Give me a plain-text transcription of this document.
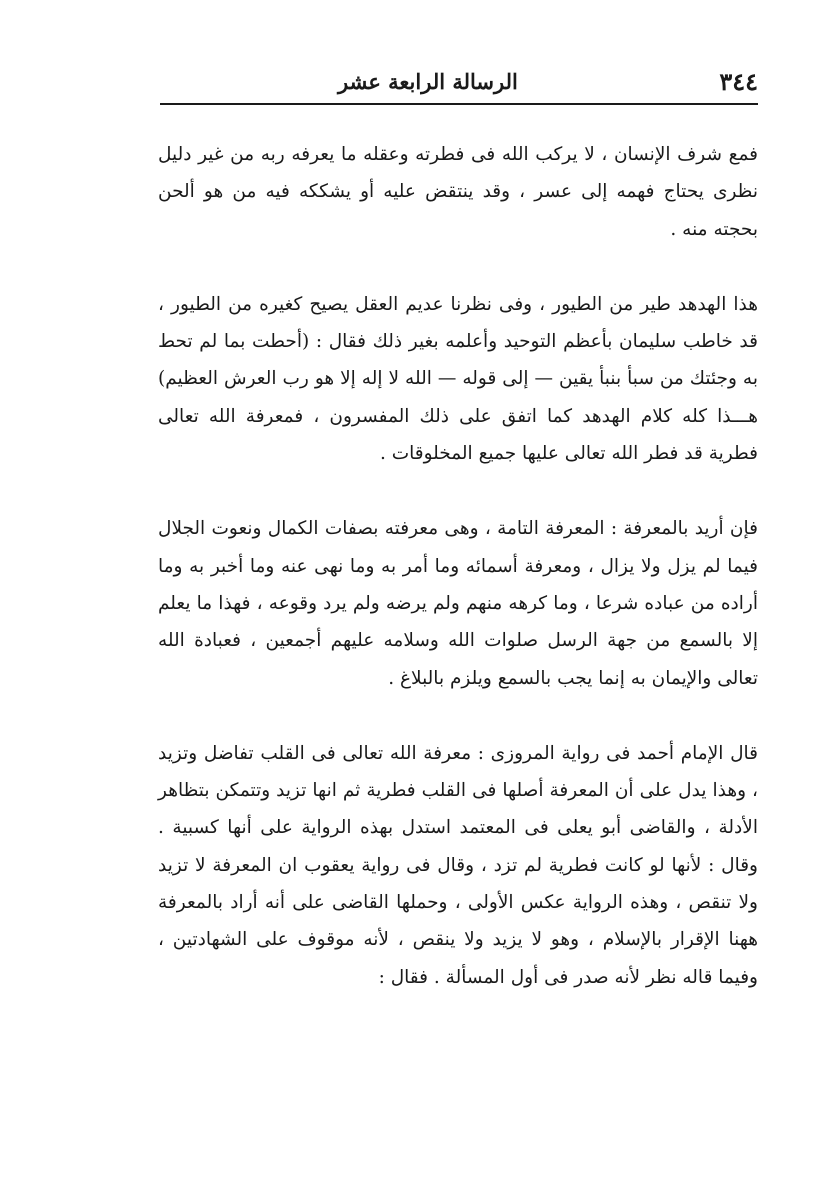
٣٤٤
الرسالة الرابعة عشر

فمع شرف الإنسان ، لا يركب الله فى فطرته وعقله ما يعرفه ربه من غير دليل نظرى يحتاج فهمه إلى عسر ، وقد ينتقض عليه أو يشككه فيه من هو ألحن بحجته منه .

هذا الهدهد طير من الطيور ، وفى نظرنا عديم العقل يصيح كغيره من الطيور ، قد خاطب سليمان بأعظم التوحيد وأعلمه بغير ذلك فقال : (أحطت بما لم تحط به وجئتك من سبأ بنبأ يقين — إلى قوله — الله لا إله إلا هو رب العرش العظيم) هـــذا كله كلام الهدهد كما اتفق على ذلك المفسرون ، فمعرفة الله تعالى فطرية قد فطر الله تعالى عليها جميع المخلوقات .

فإن أريد بالمعرفة : المعرفة التامة ، وهى معرفته بصفات الكمال ونعوت الجلال فيما لم يزل ولا يزال ، ومعرفة أسمائه وما أمر به وما نهى عنه وما أخبر به وما أراده من عباده شرعا ، وما كرهه منهم ولم يرضه ولم يرد وقوعه ، فهذا ما يعلم إلا بالسمع من جهة الرسل صلوات الله وسلامه عليهم أجمعين ، فعبادة الله تعالى والإيمان به إنما يجب بالسمع ويلزم بالبلاغ .

قال الإمام أحمد فى رواية المروزى : معرفة الله تعالى فى القلب تفاضل وتزيد ، وهذا يدل على أن المعرفة أصلها فى القلب فطرية ثم انها تزيد وتتمكن بتظاهر الأدلة ، والقاضى أبو يعلى فى المعتمد استدل بهذه الرواية على أنها كسبية . وقال : لأنها لو كانت فطرية لم تزد ، وقال فى رواية يعقوب ان المعرفة لا تزيد ولا تنقص ، وهذه الرواية عكس الأولى ، وحملها القاضى على أنه أراد بالمعرفة ههنا الإقرار بالإسلام ، وهو لا يزيد ولا ينقص ، لأنه موقوف على الشهادتين ، وفيما قاله نظر لأنه صدر فى أول المسألة . فقال :
